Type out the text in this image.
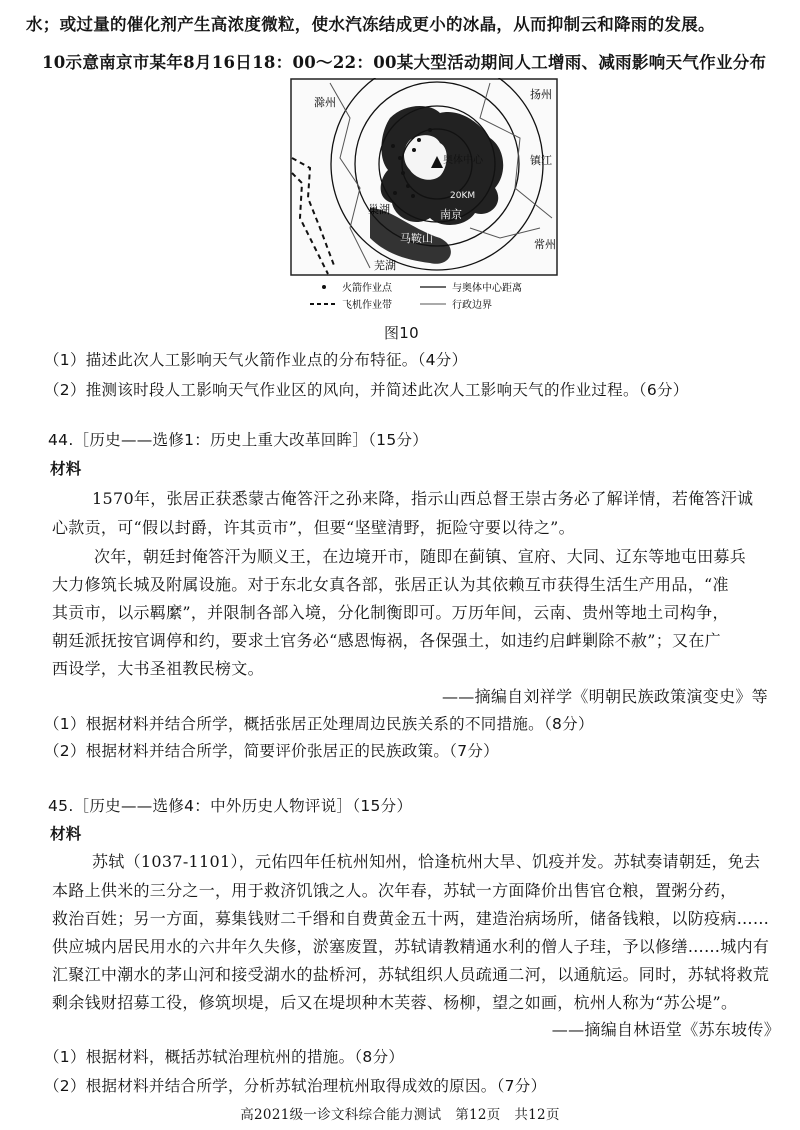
水；或过量的催化剂产生高浓度微粒，使水汽冻结成更小的冰晶，从而抑制云和降雨的发展。
10示意南京市某年8月16日18：00～22：00某大型活动期间人工增雨、减雨影响天气作业分布
滁州
扬州
镇江
常州
奥体中心
20KM
南京
巢湖
马鞍山
芜湖
火箭作业点	与奥体中心距离
飞机作业带	行政边界
图10
（1）描述此次人工影响天气火箭作业点的分布特征。（4分）
（2）推测该时段人工影响天气作业区的风向，并简述此次人工影响天气的作业过程。（6分）
44.［历史——选修1：历史上重大改革回眸］（15分）
材料
1570年，张居正获悉蒙古俺答汗之孙来降，指示山西总督王崇古务必了解详情，若俺答汗诚
心款贡，可“假以封爵，许其贡市”，但要“坚壁清野，扼险守要以待之”。
次年，朝廷封俺答汗为顺义王，在边境开市，随即在蓟镇、宣府、大同、辽东等地屯田募兵
大力修筑长城及附属设施。对于东北女真各部，张居正认为其依赖互市获得生活生产用品，“准
其贡市，以示羁縻”，并限制各部入境，分化制衡即可。万历年间，云南、贵州等地土司构争，
朝廷派抚按官调停和约，要求土官务必“感恩悔祸，各保强土，如违约启衅剿除不赦”；又在广
西设学，大书圣祖教民榜文。
——摘编自刘祥学《明朝民族政策演变史》等
（1）根据材料并结合所学，概括张居正处理周边民族关系的不同措施。（8分）
（2）根据材料并结合所学，简要评价张居正的民族政策。（7分）
45.［历史——选修4：中外历史人物评说］（15分）
材料
苏轼（1037-1101），元佑四年任杭州知州，恰逢杭州大旱、饥疫并发。苏轼奏请朝廷，免去
本路上供米的三分之一，用于救济饥饿之人。次年春，苏轼一方面降价出售官仓粮，置粥分药，
救治百姓；另一方面，募集钱财二千缗和自费黄金五十两，建造治病场所，储备钱粮，以防疫病……
供应城内居民用水的六井年久失修，淤塞废置，苏轼请教精通水利的僧人子珪，予以修缮……城内有
汇聚江中潮水的茅山河和接受湖水的盐桥河，苏轼组织人员疏通二河，以通航运。同时，苏轼将救荒
剩余钱财招募工役，修筑坝堤，后又在堤坝种木芙蓉、杨柳，望之如画，杭州人称为“苏公堤”。
——摘编自林语堂《苏东坡传》
（1）根据材料，概括苏轼治理杭州的措施。（8分）
（2）根据材料并结合所学，分析苏轼治理杭州取得成效的原因。（7分）
高2021级一诊文科综合能力测试　第12页　共12页
